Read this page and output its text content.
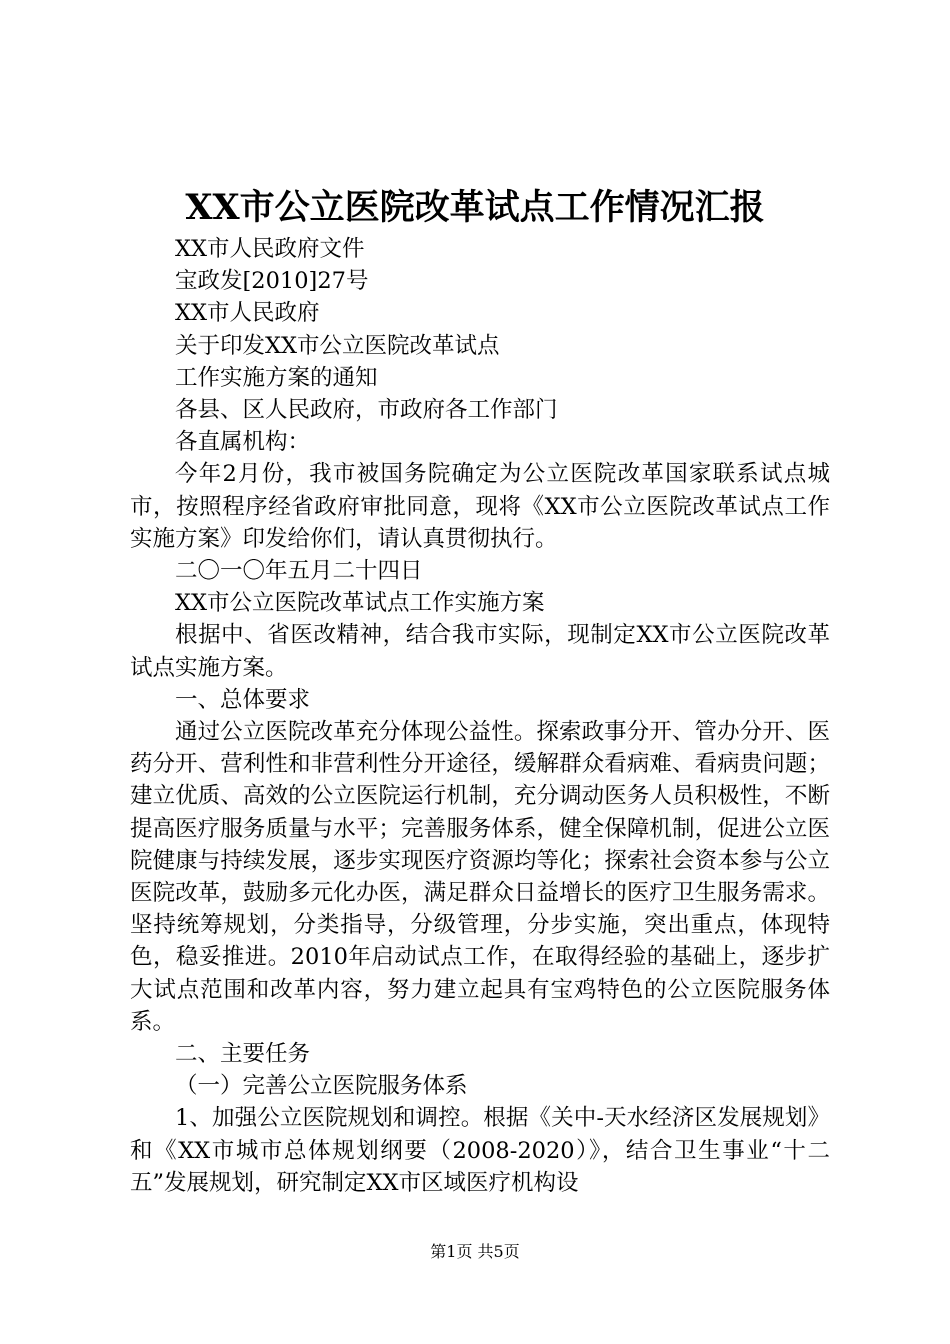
XX市公立医院改革试点工作情况汇报

XX市人民政府文件

宝政发[2010]27号

XX市人民政府

关于印发XX市公立医院改革试点

工作实施方案的通知

各县、区人民政府，市政府各工作部门

各直属机构：

今年2月份，我市被国务院确定为公立医院改革国家联系试点城市，按照程序经省政府审批同意，现将《XX市公立医院改革试点工作实施方案》印发给你们，请认真贯彻执行。

二〇一〇年五月二十四日

XX市公立医院改革试点工作实施方案

根据中、省医改精神，结合我市实际，现制定XX市公立医院改革试点实施方案。

一、总体要求

通过公立医院改革充分体现公益性。探索政事分开、管办分开、医药分开、营利性和非营利性分开途径，缓解群众看病难、看病贵问题；建立优质、高效的公立医院运行机制，充分调动医务人员积极性，不断提高医疗服务质量与水平；完善服务体系，健全保障机制，促进公立医院健康与持续发展，逐步实现医疗资源均等化；探索社会资本参与公立医院改革，鼓励多元化办医，满足群众日益增长的医疗卫生服务需求。坚持统筹规划，分类指导，分级管理，分步实施，突出重点，体现特色，稳妥推进。2010年启动试点工作，在取得经验的基础上，逐步扩大试点范围和改革内容，努力建立起具有宝鸡特色的公立医院服务体系。

二、主要任务

（一）完善公立医院服务体系

1、加强公立医院规划和调控。根据《关中-天水经济区发展规划》和《XX市城市总体规划纲要（2008-2020）》，结合卫生事业“十二五”发展规划，研究制定XX市区域医疗机构设

第1页 共5页
